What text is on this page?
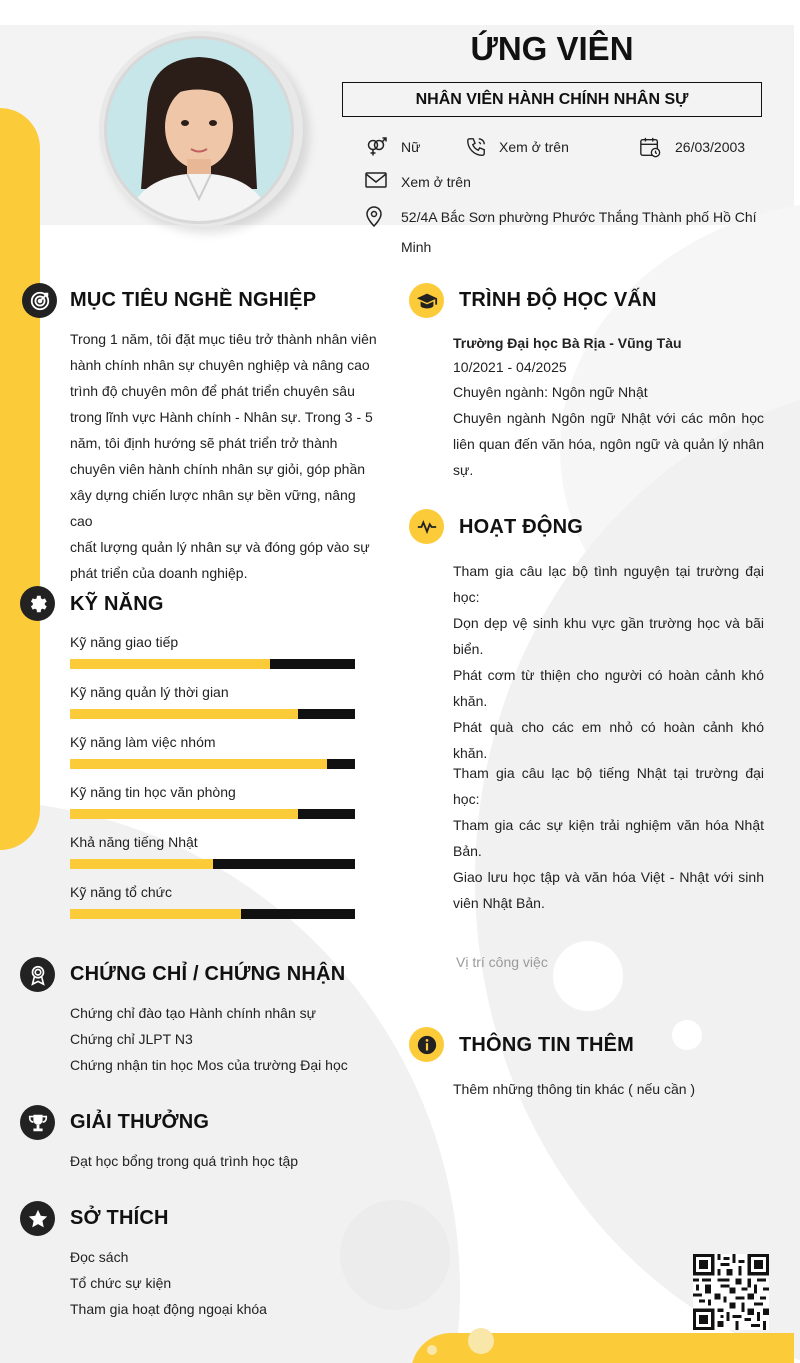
ỨNG VIÊN
NHÂN VIÊN HÀNH CHÍNH NHÂN SỰ
Nữ	Xem ở trên	26/03/2003
Xem ở trên
52/4A Bắc Sơn phường Phước Thắng Thành phố Hồ Chí
Minh
MỤC TIÊU NGHỀ NGHIỆP
Trong 1 năm, tôi đặt mục tiêu trở thành nhân viên
hành chính nhân sự chuyên nghiệp và nâng cao
trình độ chuyên môn để phát triển chuyên sâu
trong lĩnh vực Hành chính - Nhân sự. Trong 3 - 5
năm, tôi định hướng sẽ phát triển trở thành
chuyên viên hành chính nhân sự giỏi, góp phần
xây dựng chiến lược nhân sự bền vững, nâng cao
chất lượng quản lý nhân sự và đóng góp vào sự
phát triển của doanh nghiệp.
KỸ NĂNG
Kỹ năng giao tiếp
Kỹ năng quản lý thời gian
Kỹ năng làm việc nhóm
Kỹ năng tin học văn phòng
Khả năng tiếng Nhật
Kỹ năng tổ chức
CHỨNG CHỈ / CHỨNG NHẬN
Chứng chỉ đào tạo Hành chính nhân sự
Chứng chỉ JLPT N3
Chứng nhận tin học Mos của trường Đại học
GIẢI THƯỞNG
Đạt học bổng trong quá trình học tập
SỞ THÍCH
Đọc sách
Tổ chức sự kiện
Tham gia hoạt động ngoại khóa
TRÌNH ĐỘ HỌC VẤN
Trường Đại học Bà Rịa - Vũng Tàu
10/2021 - 04/2025
Chuyên ngành: Ngôn ngữ Nhật
Chuyên ngành Ngôn ngữ Nhật với các môn học liên quan đến văn hóa, ngôn ngữ và quản lý nhân sự.
HOẠT ĐỘNG
Tham gia câu lạc bộ tình nguyện tại trường đại học:
Dọn dẹp vệ sinh khu vực gần trường học và bãi biển.
Phát cơm từ thiện cho người có hoàn cảnh khó khăn.
Phát quà cho các em nhỏ có hoàn cảnh khó khăn.
Tham gia câu lạc bộ tiếng Nhật tại trường đại học:
Tham gia các sự kiện trải nghiệm văn hóa Nhật Bản.
Giao lưu học tập và văn hóa Việt - Nhật với sinh viên Nhật Bản.
Vị trí công việc
THÔNG TIN THÊM
Thêm những thông tin khác ( nếu cần )
